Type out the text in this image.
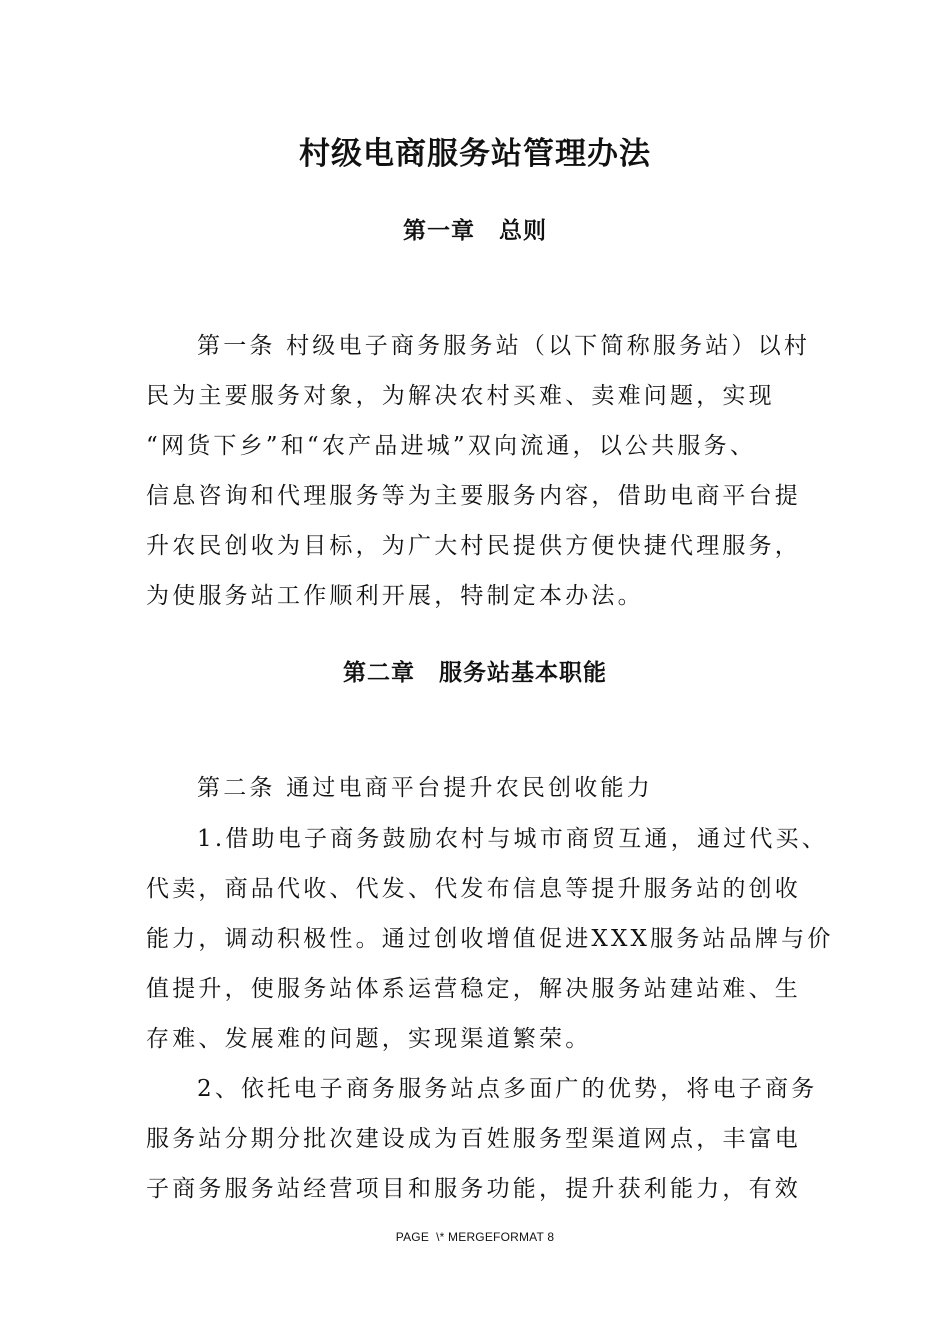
村级电商服务站管理办法
第一章　总则
第一条 村级电子商务服务站（以下简称服务站）以村
民为主要服务对象，为解决农村买难、卖难问题，实现
“网货下乡”和“农产品进城”双向流通，以公共服务、
信息咨询和代理服务等为主要服务内容，借助电商平台提
升农民创收为目标，为广大村民提供方便快捷代理服务，
为使服务站工作顺利开展，特制定本办法。
第二章　服务站基本职能
第二条 通过电商平台提升农民创收能力
1.借助电子商务鼓励农村与城市商贸互通，通过代买、
代卖，商品代收、代发、代发布信息等提升服务站的创收
能力，调动积极性。通过创收增值促进XXX服务站品牌与价
值提升，使服务站体系运营稳定，解决服务站建站难、生
存难、发展难的问题，实现渠道繁荣。
2、依托电子商务服务站点多面广的优势，将电子商务
服务站分期分批次建设成为百姓服务型渠道网点，丰富电
子商务服务站经营项目和服务功能，提升获利能力，有效
PAGE  \* MERGEFORMAT 8
